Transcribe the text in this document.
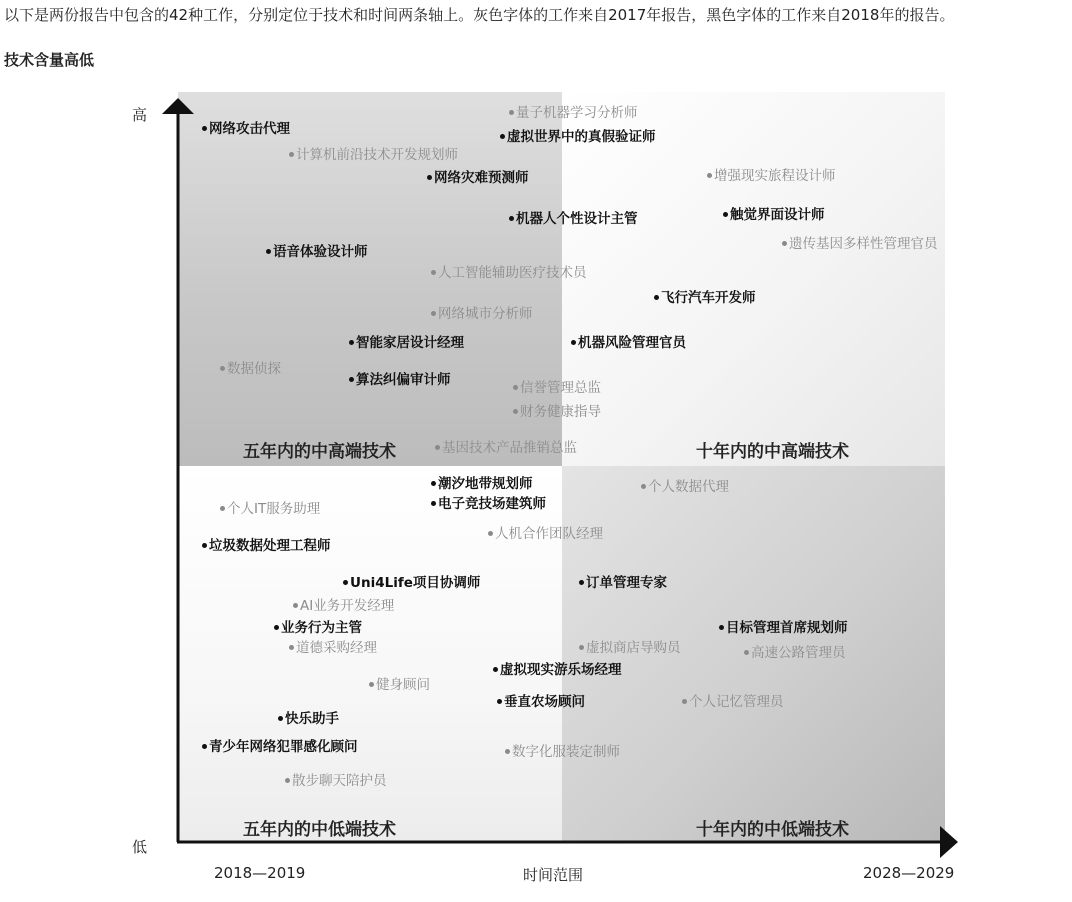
以下是两份报告中包含的42种工作，分别定位于技术和时间两条轴上。灰色字体的工作来自2017年报告，黑色字体的工作来自2018年的报告。
技术含量高低
高
低
2018—2019	时间范围	2028—2029
五年内的中高端技术	十年内的中高端技术
五年内的中低端技术	十年内的中低端技术
网络攻击代理
量子机器学习分析师
虚拟世界中的真假验证师
计算机前沿技术开发规划师
网络灾难预测师	增强现实旅程设计师
机器人个性设计主管	触觉界面设计师
遗传基因多样性管理官员
语音体验设计师
人工智能辅助医疗技术员
飞行汽车开发师
网络城市分析师
智能家居设计经理	机器风险管理官员
数据侦探
算法纠偏审计师	信誉管理总监
财务健康指导
基因技术产品推销总监
潮汐地带规划师	个人数据代理
电子竞技场建筑师
个人IT服务助理
人机合作团队经理
垃圾数据处理工程师
Uni4Life项目协调师	订单管理专家
AI业务开发经理
业务行为主管	目标管理首席规划师
道德采购经理	虚拟商店导购员	高速公路管理员
虚拟现实游乐场经理
健身顾问
垂直农场顾问	个人记忆管理员
快乐助手
青少年网络犯罪感化顾问	数字化服装定制师
散步聊天陪护员
